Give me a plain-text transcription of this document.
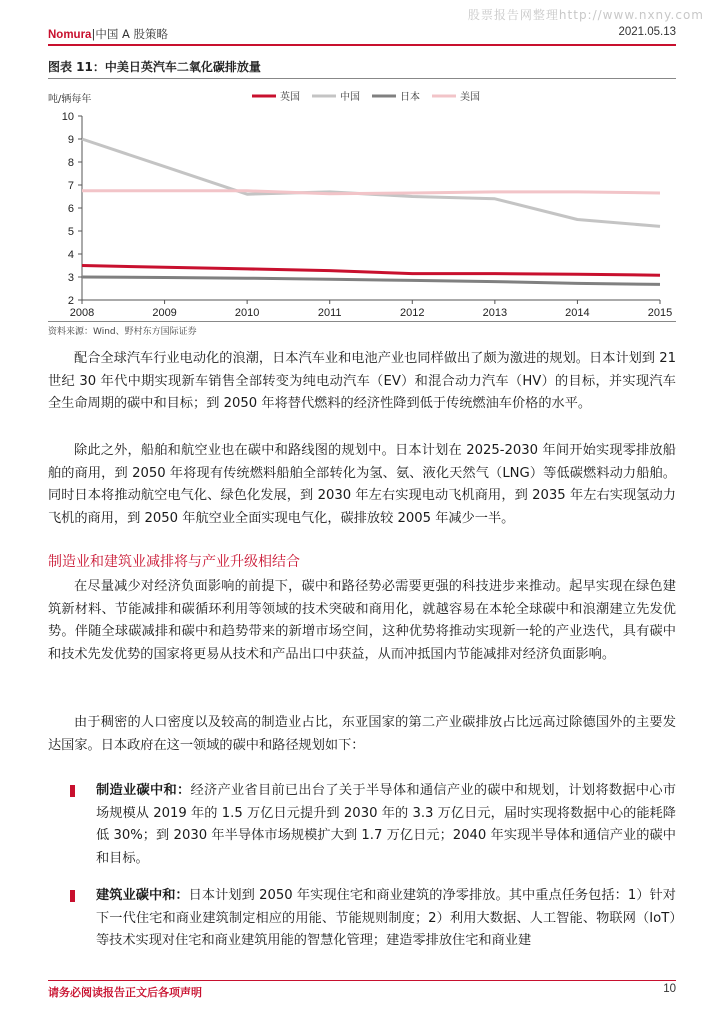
股票报告网整理http://www.nxny.com
Nomura|中国 A 股策略	2021.05.13
图表 11：中美日英汽车二氧化碳排放量
吨/辆每年
2
3
4
5
6
7
8
9
10
2008	2009	2010	2011	2012	2013	2014	2015
英国	中国	日本	美国
资料来源：Wind、野村东方国际证券

配合全球汽车行业电动化的浪潮，日本汽车业和电池产业也同样做出了颇为激进的规划。日本计划到 21 世纪 30 年代中期实现新车销售全部转变为纯电动汽车（EV）和混合动力汽车（HV）的目标，并实现汽车全生命周期的碳中和目标；到 2050 年将替代燃料的经济性降到低于传统燃油车价格的水平。

除此之外，船舶和航空业也在碳中和路线图的规划中。日本计划在 2025-2030 年间开始实现零排放船舶的商用，到 2050 年将现有传统燃料船舶全部转化为氢、氨、液化天然气（LNG）等低碳燃料动力船舶。同时日本将推动航空电气化、绿色化发展，到 2030 年左右实现电动飞机商用，到 2035 年左右实现氢动力飞机的商用，到 2050 年航空业全面实现电气化，碳排放较 2005 年减少一半。

制造业和建筑业减排将与产业升级相结合

在尽量减少对经济负面影响的前提下，碳中和路径势必需要更强的科技进步来推动。起早实现在绿色建筑新材料、节能减排和碳循环利用等领域的技术突破和商用化，就越容易在本轮全球碳中和浪潮建立先发优势。伴随全球碳减排和碳中和趋势带来的新增市场空间，这种优势将推动实现新一轮的产业迭代，具有碳中和技术先发优势的国家将更易从技术和产品出口中获益，从而冲抵国内节能减排对经济负面影响。

由于稠密的人口密度以及较高的制造业占比，东亚国家的第二产业碳排放占比远高过除德国外的主要发达国家。日本政府在这一领域的碳中和路径规划如下：

制造业碳中和：经济产业省目前已出台了关于半导体和通信产业的碳中和规划，计划将数据中心市场规模从 2019 年的 1.5 万亿日元提升到 2030 年的 3.3 万亿日元，届时实现将数据中心的能耗降低 30%；到 2030 年半导体市场规模扩大到 1.7 万亿日元；2040 年实现半导体和通信产业的碳中和目标。

建筑业碳中和：日本计划到 2050 年实现住宅和商业建筑的净零排放。其中重点任务包括：1）针对下一代住宅和商业建筑制定相应的用能、节能规则制度；2）利用大数据、人工智能、物联网（IoT）等技术实现对住宅和商业建筑用能的智慧化管理；建造零排放住宅和商业建

请务必阅读报告正文后各项声明	10
